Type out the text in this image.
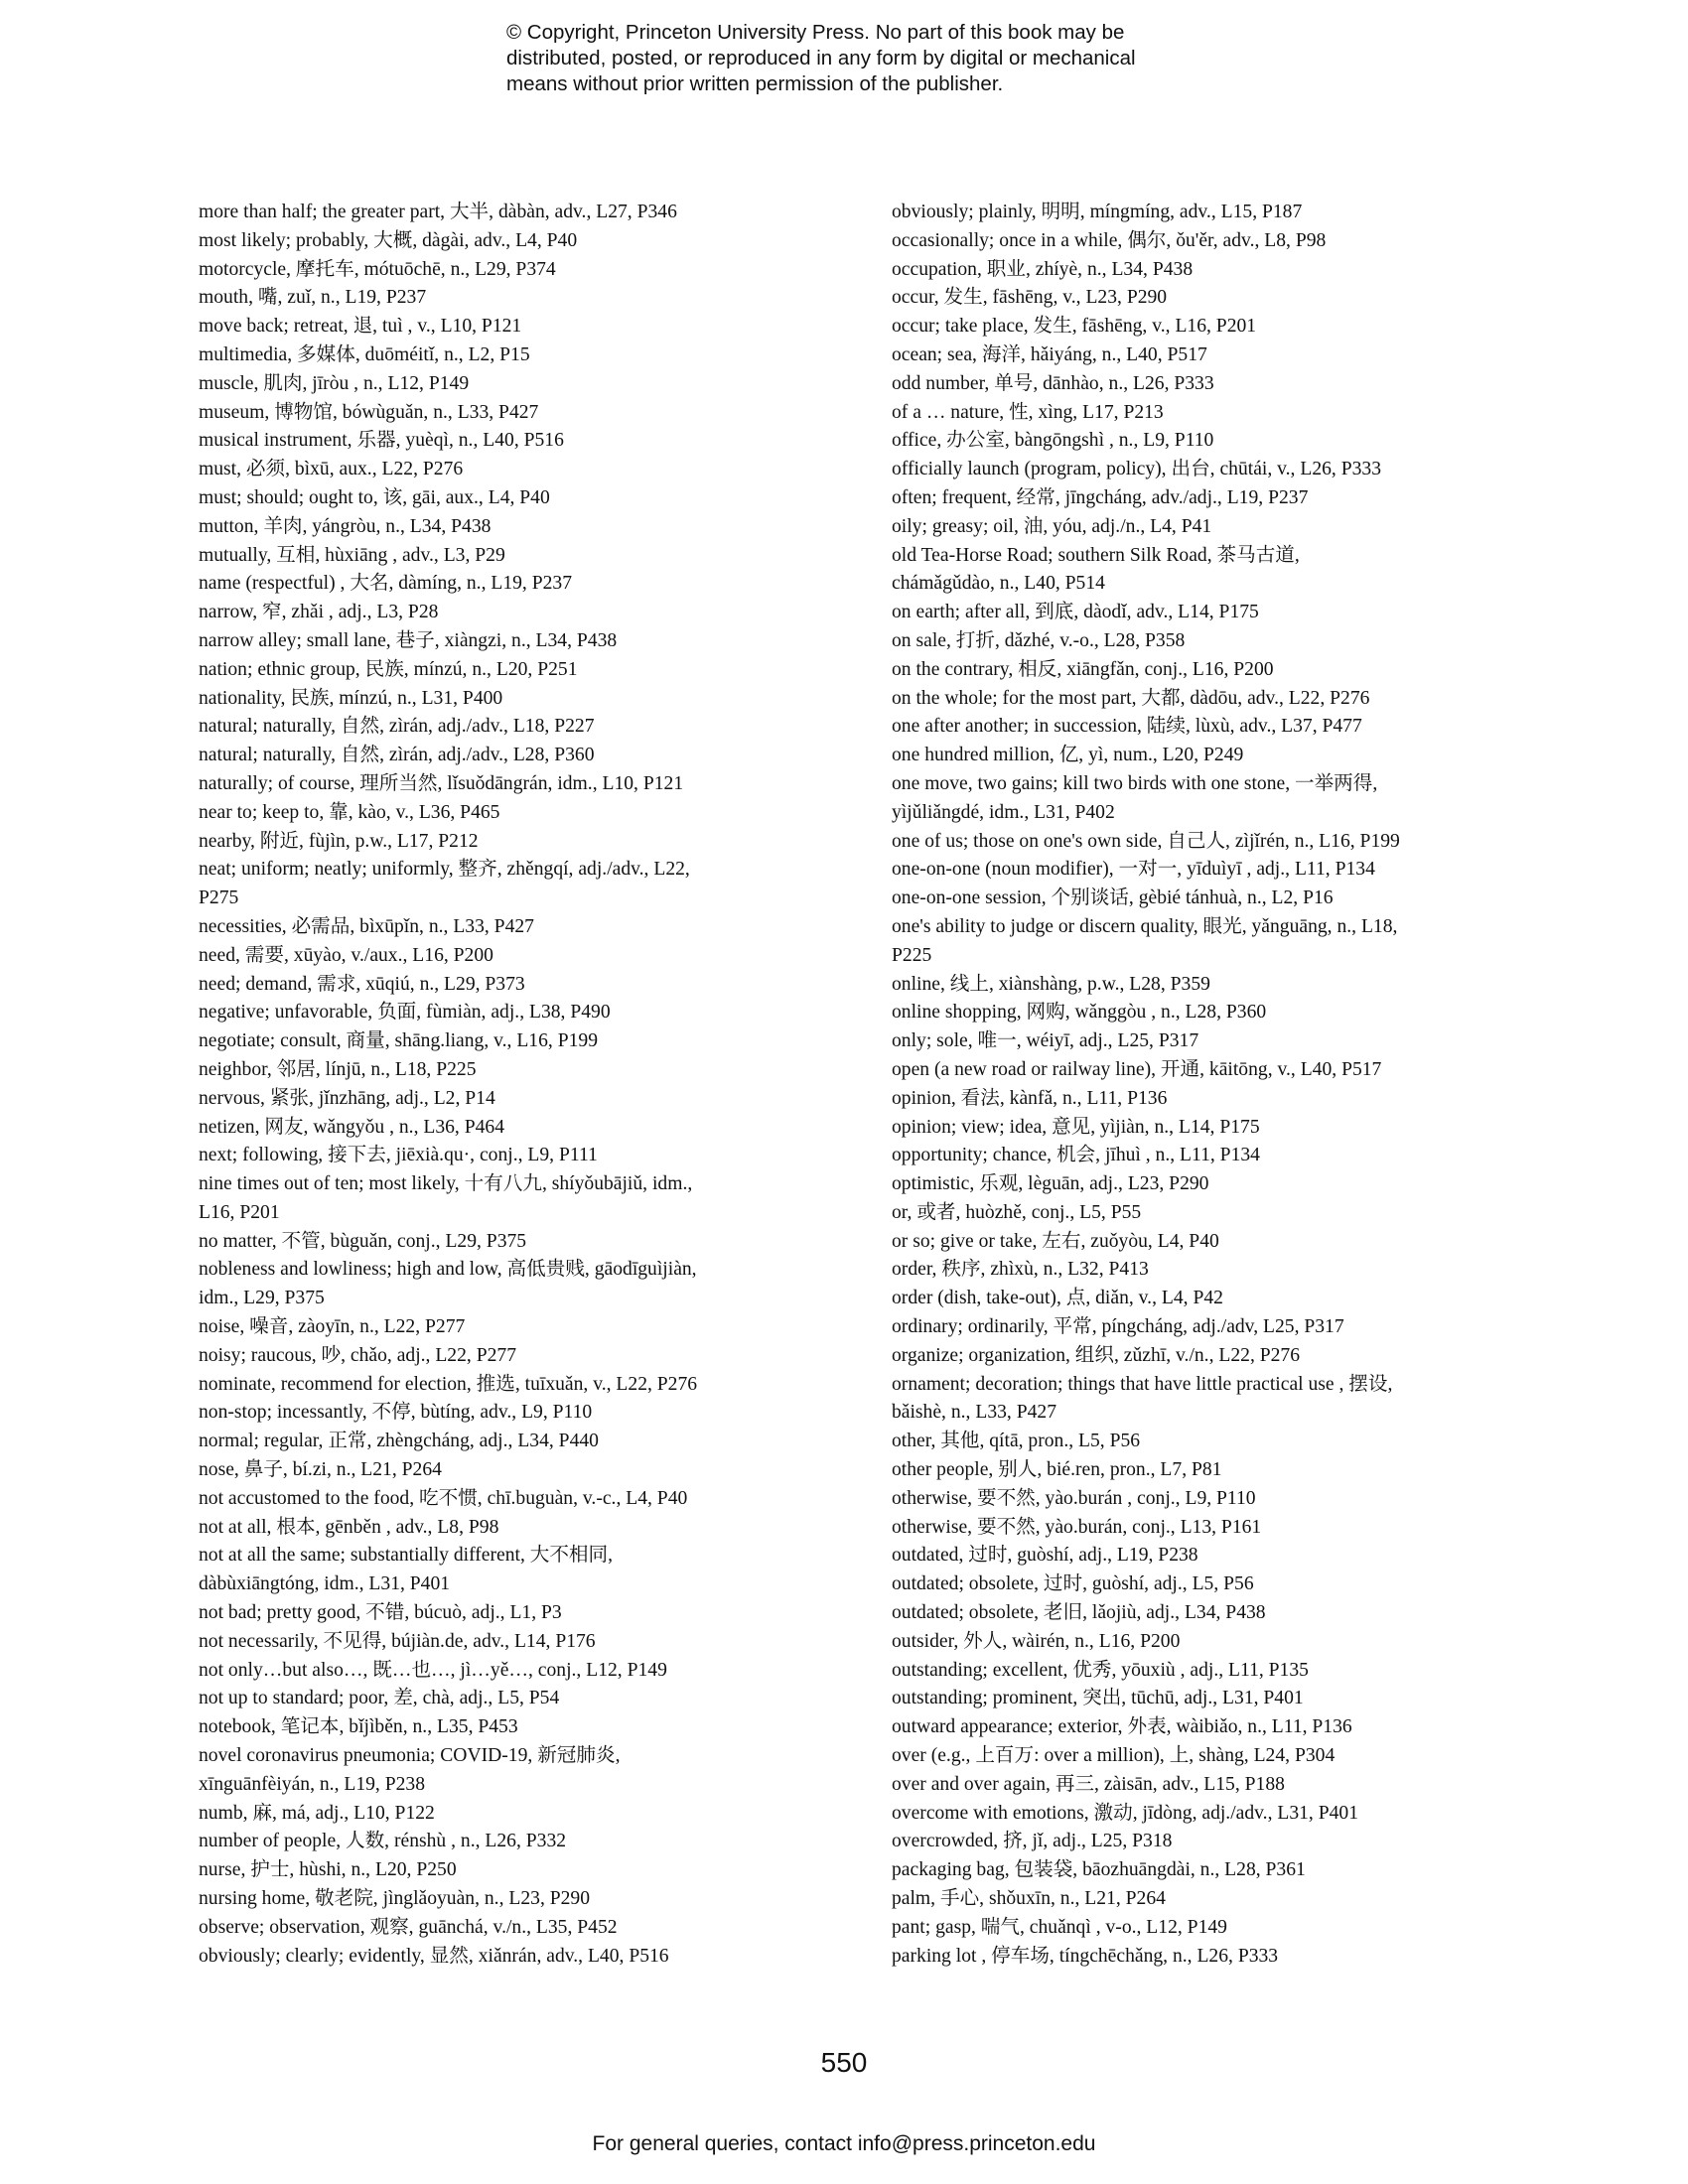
© Copyright, Princeton University Press. No part of this book may be
distributed, posted, or reproduced in any form by digital or mechanical
means without prior written permission of the publisher.
more than half; the greater part, 大半, dàbàn, adv., L27, P346
most likely; probably, 大概, dàgài, adv., L4, P40
motorcycle, 摩托车, mótuōchē, n., L29, P374
mouth, 嘴, zuǐ, n., L19, P237
move back; retreat, 退, tuì , v., L10, P121
multimedia, 多媒体, duōméitǐ, n., L2, P15
muscle, 肌肉, jīròu , n., L12, P149
museum, 博物馆, bówùguǎn, n., L33, P427
musical instrument, 乐器, yuèqì, n., L40, P516
must, 必须, bìxū, aux., L22, P276
must; should; ought to, 该, gāi, aux., L4, P40
mutton, 羊肉, yángròu, n., L34, P438
mutually, 互相, hùxiāng , adv., L3, P29
name (respectful) , 大名, dàmíng, n., L19, P237
narrow, 窄, zhǎi , adj., L3, P28
narrow alley; small lane, 巷子, xiàngzi, n., L34, P438
nation; ethnic group, 民族, mínzú, n., L20, P251
nationality, 民族, mínzú, n., L31, P400
natural; naturally, 自然, zìrán, adj./adv., L18, P227
natural; naturally, 自然, zìrán, adj./adv., L28, P360
naturally; of course, 理所当然, lǐsuǒdāngrán, idm., L10, P121
near to; keep to, 靠, kào, v., L36, P465
nearby, 附近, fùjìn, p.w., L17, P212
neat; uniform; neatly; uniformly, 整齐, zhěngqí, adj./adv., L22,
P275
necessities, 必需品, bìxūpǐn, n., L33, P427
need, 需要, xūyào, v./aux., L16, P200
need; demand, 需求, xūqiú, n., L29, P373
negative; unfavorable, 负面, fùmiàn, adj., L38, P490
negotiate; consult, 商量, shāng.liang, v., L16, P199
neighbor, 邻居, línjū, n., L18, P225
nervous, 紧张, jǐnzhāng, adj., L2, P14
netizen, 网友, wǎngyǒu , n., L36, P464
next; following, 接下去, jiēxià.qu·, conj., L9, P111
nine times out of ten; most likely, 十有八九, shíyǒubājiǔ, idm.,
L16, P201
no matter, 不管, bùguǎn, conj., L29, P375
nobleness and lowliness; high and low, 高低贵贱, gāodīguìjiàn,
idm., L29, P375
noise, 噪音, zàoyīn, n., L22, P277
noisy; raucous, 吵, chǎo, adj., L22, P277
nominate, recommend for election, 推选, tuīxuǎn, v., L22, P276
non-stop; incessantly, 不停, bùtíng, adv., L9, P110
normal; regular, 正常, zhèngcháng, adj., L34, P440
nose, 鼻子, bí.zi, n., L21, P264
not accustomed to the food, 吃不惯, chī.buguàn, v.-c., L4, P40
not at all, 根本, gēnběn , adv., L8, P98
not at all the same; substantially different, 大不相同,
dàbùxiāngtóng, idm., L31, P401
not bad; pretty good, 不错, búcuò, adj., L1, P3
not necessarily, 不见得, bújiàn.de, adv., L14, P176
not only…but also…, 既…也…, jì…yě…, conj., L12, P149
not up to standard; poor, 差, chà, adj., L5, P54
notebook, 笔记本, bǐjìběn, n., L35, P453
novel coronavirus pneumonia; COVID-19, 新冠肺炎,
xīnguānfèiyán, n., L19, P238
numb, 麻, má, adj., L10, P122
number of people, 人数, rénshù , n., L26, P332
nurse, 护士, hùshi, n., L20, P250
nursing home, 敬老院, jìnglǎoyuàn, n., L23, P290
observe; observation, 观察, guānchá, v./n., L35, P452
obviously; clearly; evidently, 显然, xiǎnrán, adv., L40, P516
obviously; plainly, 明明, míngmíng, adv., L15, P187
occasionally; once in a while, 偶尔, ǒu'ěr, adv., L8, P98
occupation, 职业, zhíyè, n., L34, P438
occur, 发生, fāshēng, v., L23, P290
occur; take place, 发生, fāshēng, v., L16, P201
ocean; sea, 海洋, hǎiyáng, n., L40, P517
odd number, 单号, dānhào, n., L26, P333
of a … nature, 性, xìng, L17, P213
office, 办公室, bàngōngshì , n., L9, P110
officially launch (program, policy), 出台, chūtái, v., L26, P333
often; frequent, 经常, jīngcháng, adv./adj., L19, P237
oily; greasy; oil, 油, yóu, adj./n., L4, P41
old Tea-Horse Road; southern Silk Road, 茶马古道,
chámǎgǔdào, n., L40, P514
on earth; after all, 到底, dàodǐ, adv., L14, P175
on sale, 打折, dǎzhé, v.-o., L28, P358
on the contrary, 相反, xiāngfǎn, conj., L16, P200
on the whole; for the most part, 大都, dàdōu, adv., L22, P276
one after another; in succession, 陆续, lùxù, adv., L37, P477
one hundred million, 亿, yì, num., L20, P249
one move, two gains; kill two birds with one stone, 一举两得,
yìjǔliǎngdé, idm., L31, P402
one of us; those on one's own side, 自己人, zìjǐrén, n., L16, P199
one-on-one (noun modifier), 一对一, yīduìyī , adj., L11, P134
one-on-one session, 个别谈话, gèbié tánhuà, n., L2, P16
one's ability to judge or discern quality, 眼光, yǎnguāng, n., L18,
P225
online, 线上, xiànshàng, p.w., L28, P359
online shopping, 网购, wǎnggòu , n., L28, P360
only; sole, 唯一, wéiyī, adj., L25, P317
open (a new road or railway line), 开通, kāitōng, v., L40, P517
opinion, 看法, kànfǎ, n., L11, P136
opinion; view; idea, 意见, yìjiàn, n., L14, P175
opportunity; chance, 机会, jīhuì , n., L11, P134
optimistic, 乐观, lèguān, adj., L23, P290
or, 或者, huòzhě, conj., L5, P55
or so; give or take, 左右, zuǒyòu, L4, P40
order, 秩序, zhìxù, n., L32, P413
order (dish, take-out), 点, diǎn, v., L4, P42
ordinary; ordinarily, 平常, píngcháng, adj./adv, L25, P317
organize; organization, 组织, zǔzhī, v./n., L22, P276
ornament; decoration; things that have little practical use , 摆设,
bǎishè, n., L33, P427
other, 其他, qítā, pron., L5, P56
other people, 别人, bié.ren, pron., L7, P81
otherwise, 要不然, yào.burán , conj., L9, P110
otherwise, 要不然, yào.burán, conj., L13, P161
outdated, 过时, guòshí, adj., L19, P238
outdated; obsolete, 过时, guòshí, adj., L5, P56
outdated; obsolete, 老旧, lǎojiù, adj., L34, P438
outsider, 外人, wàirén, n., L16, P200
outstanding; excellent, 优秀, yōuxiù , adj., L11, P135
outstanding; prominent, 突出, tūchū, adj., L31, P401
outward appearance; exterior, 外表, wàibiǎo, n., L11, P136
over (e.g., 上百万: over a million), 上, shàng, L24, P304
over and over again, 再三, zàisān, adv., L15, P188
overcome with emotions, 激动, jīdòng, adj./adv., L31, P401
overcrowded, 挤, jǐ, adj., L25, P318
packaging bag, 包装袋, bāozhuāngdài, n., L28, P361
palm, 手心, shǒuxīn, n., L21, P264
pant; gasp, 喘气, chuǎnqì , v-o., L12, P149
parking lot , 停车场, tíngchēchǎng, n., L26, P333
550
For general queries, contact info@press.princeton.edu
